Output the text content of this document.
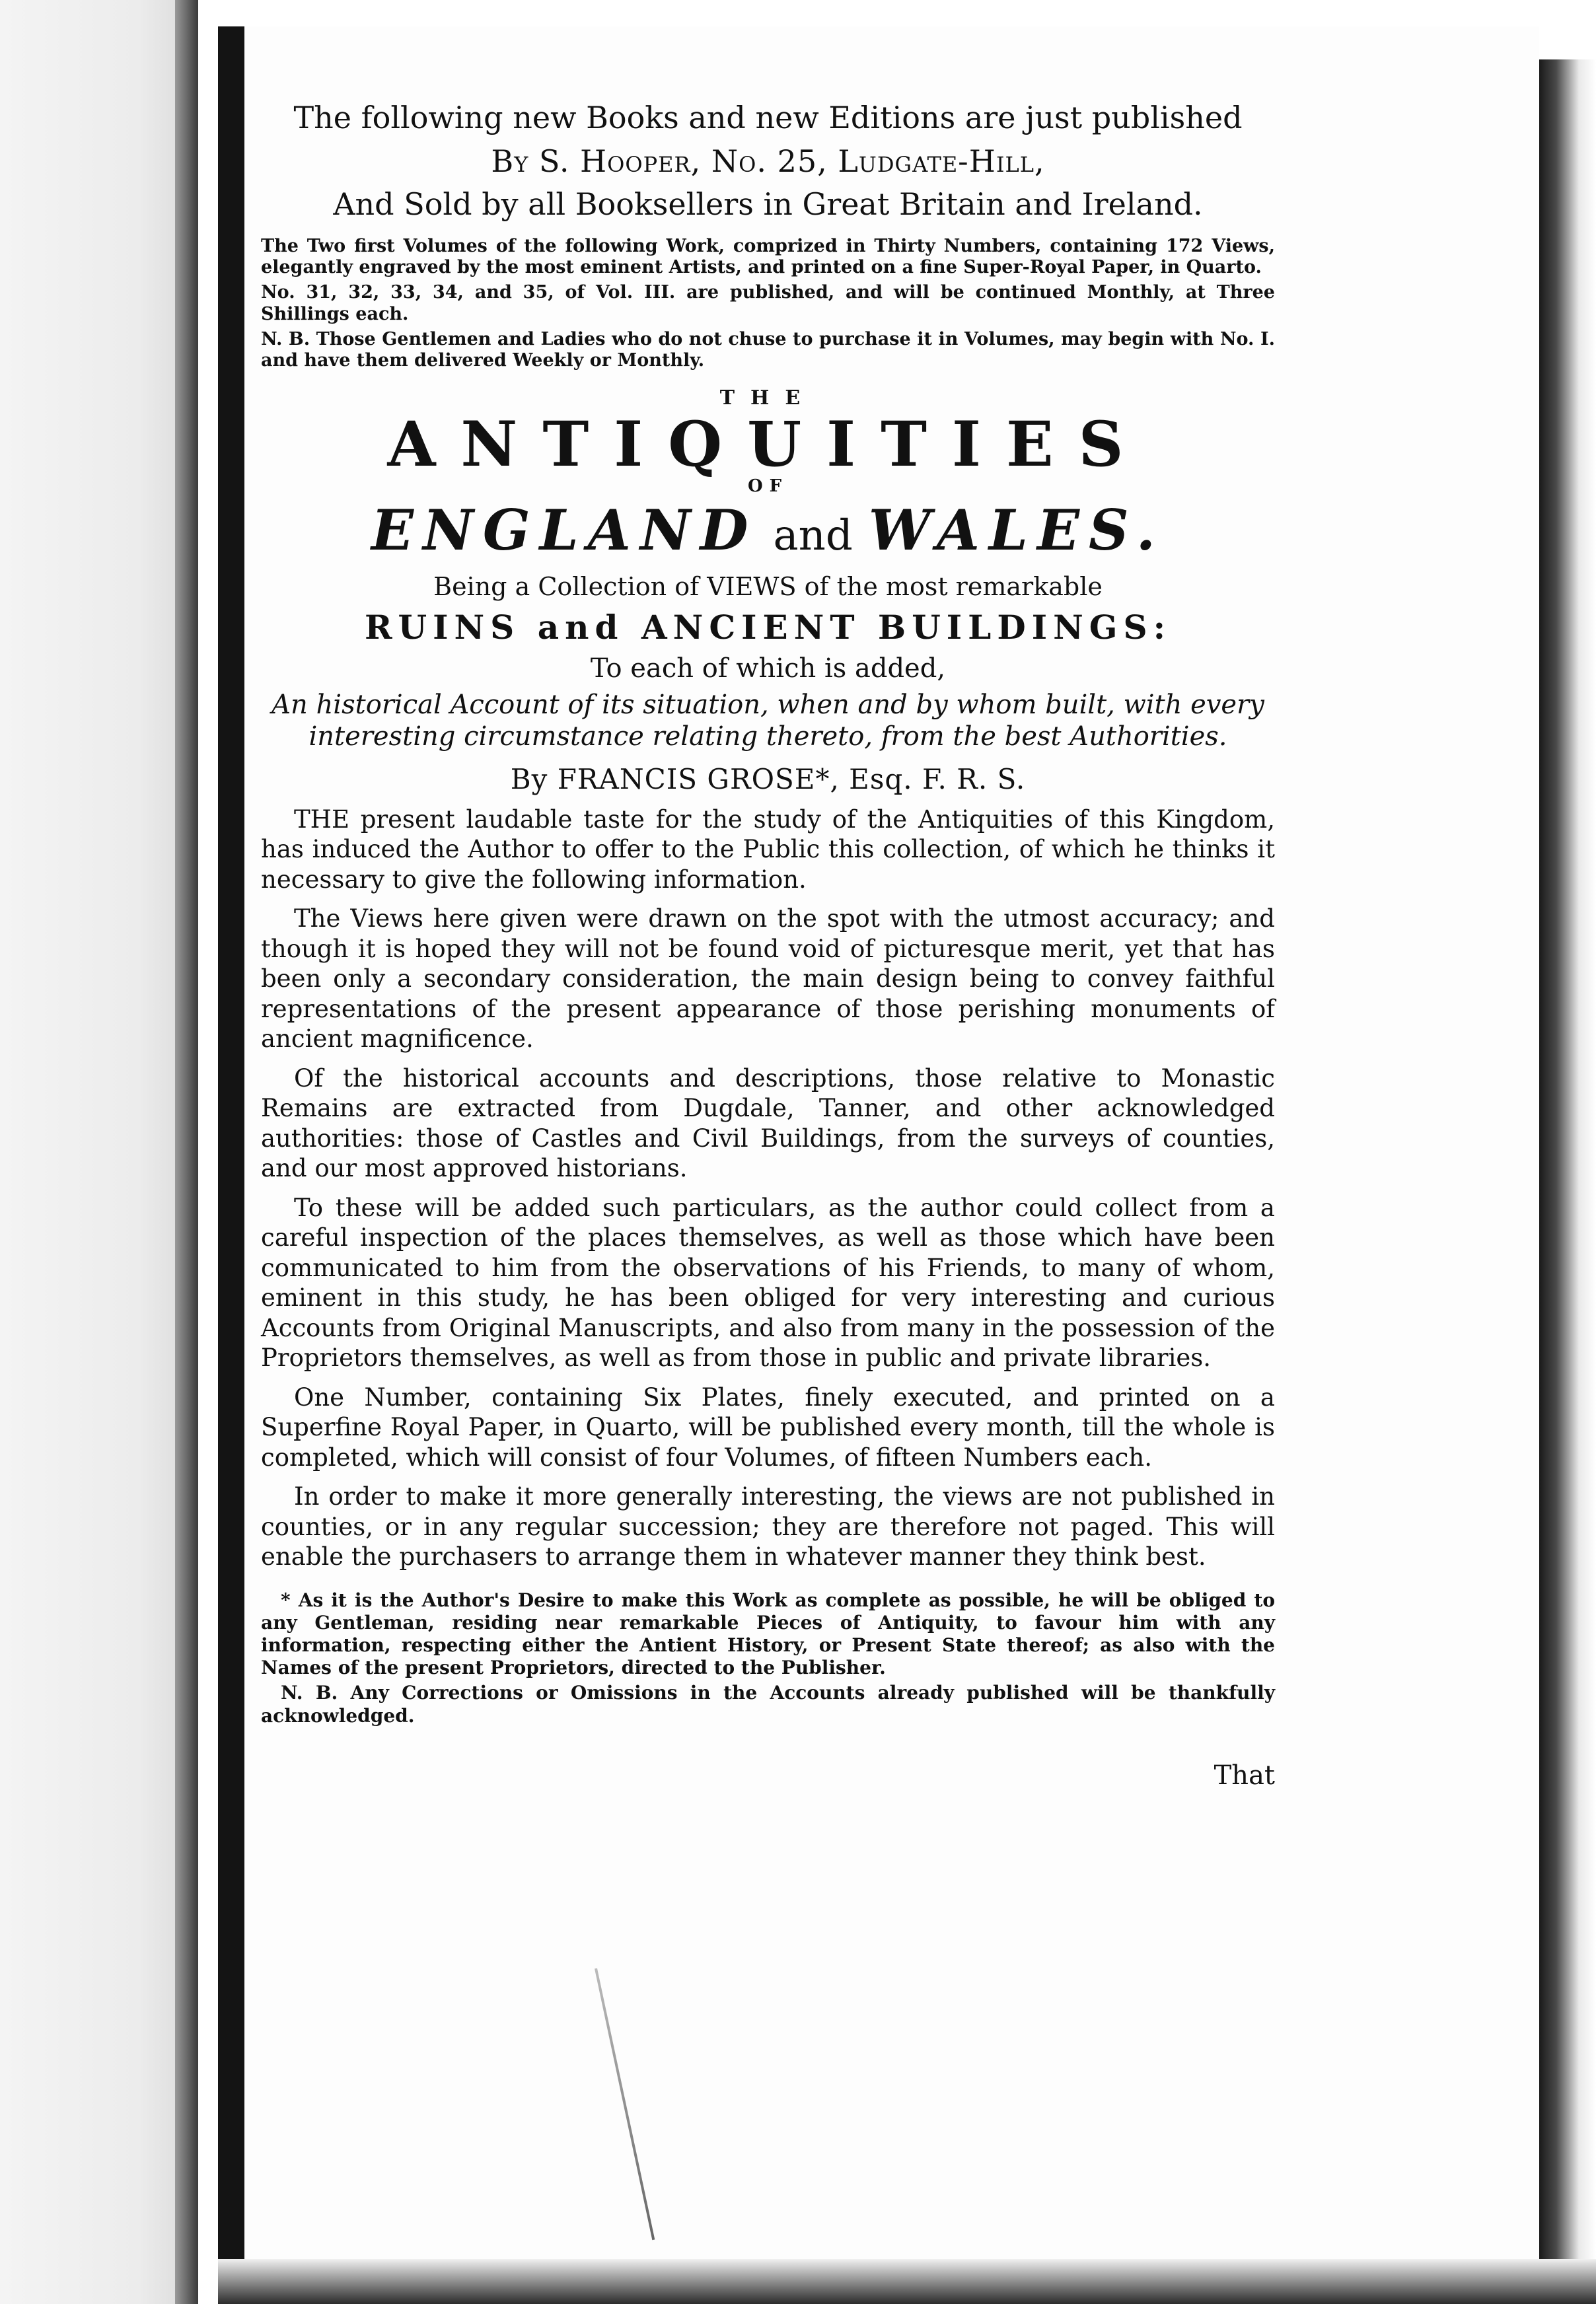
The following new Books and new Editions are just published

By S. Hooper, No. 25, Ludgate-Hill,

And Sold by all Booksellers in Great Britain and Ireland.

The Two first Volumes of the following Work, comprized in Thirty Numbers, containing 172 Views, elegantly engraved by the most eminent Artists, and printed on a fine Super-Royal Paper, in Quarto.

No. 31, 32, 33, 34, and 35, of Vol. III. are published, and will be continued Monthly, at Three Shillings each.

N. B. Those Gentlemen and Ladies who do not chuse to purchase it in Volumes, may begin with No. I. and have them delivered Weekly or Monthly.

THE

ANTIQUITIES

OF

ENGLAND and WALES.

Being a Collection of VIEWS of the most remarkable

RUINS and ANCIENT BUILDINGS:

To each of which is added,

An historical Account of its situation, when and by whom built, with every interesting circumstance relating thereto, from the best Authorities.

By FRANCIS GROSE*, Esq. F. R. S.

THE present laudable taste for the study of the Antiquities of this Kingdom, has induced the Author to offer to the Public this collection, of which he thinks it necessary to give the following information.

The Views here given were drawn on the spot with the utmost accuracy; and though it is hoped they will not be found void of picturesque merit, yet that has been only a secondary consideration, the main design being to convey faithful representations of the present appearance of those perishing monuments of ancient magnificence.

Of the historical accounts and descriptions, those relative to Monastic Remains are extracted from Dugdale, Tanner, and other acknowledged authorities: those of Castles and Civil Buildings, from the surveys of counties, and our most approved historians.

To these will be added such particulars, as the author could collect from a careful inspection of the places themselves, as well as those which have been communicated to him from the observations of his Friends, to many of whom, eminent in this study, he has been obliged for very interesting and curious Accounts from Original Manuscripts, and also from many in the possession of the Proprietors themselves, as well as from those in public and private libraries.

One Number, containing Six Plates, finely executed, and printed on a Superfine Royal Paper, in Quarto, will be published every month, till the whole is completed, which will consist of four Volumes, of fifteen Numbers each.

In order to make it more generally interesting, the views are not published in counties, or in any regular succession; they are therefore not paged. This will enable the purchasers to arrange them in whatever manner they think best.

* As it is the Author's Desire to make this Work as complete as possible, he will be obliged to any Gentleman, residing near remarkable Pieces of Antiquity, to favour him with any information, respecting either the Antient History, or Present State thereof; as also with the Names of the present Proprietors, directed to the Publisher.

N. B. Any Corrections or Omissions in the Accounts already published will be thankfully acknowledged.

That
